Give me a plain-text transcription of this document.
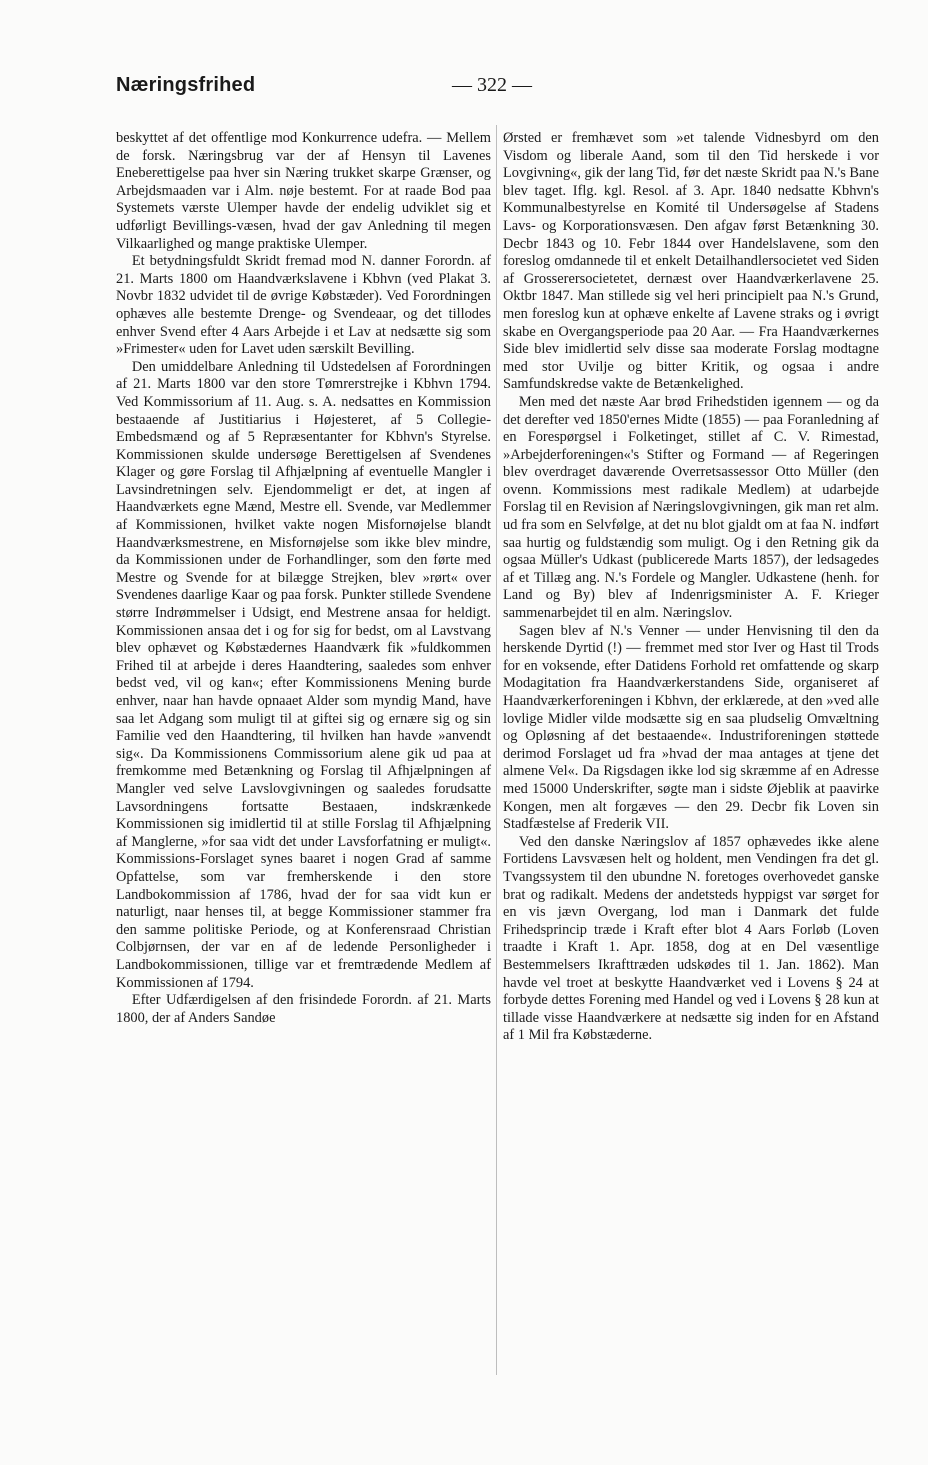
Næringsfrihed	— 322 —

beskyttet af det offentlige mod Konkurrence udefra. — Mellem de forsk. Næringsbrug var der af Hensyn til Lavenes Eneberettigelse paa hver sin Næring trukket skarpe Grænser, og Arbejdsmaaden var i Alm. nøje bestemt. For at raade Bod paa Systemets værste Ulemper havde der endelig udviklet sig et udførligt Bevillings-væsen, hvad der gav Anledning til megen Vilkaarlighed og mange praktiske Ulemper.

Et betydningsfuldt Skridt fremad mod N. danner Forordn. af 21. Marts 1800 om Haandværkslavene i Kbhvn (ved Plakat 3. Novbr 1832 udvidet til de øvrige Købstæder). Ved Forordningen ophæves alle bestemte Drenge- og Svendeaar, og det tillodes enhver Svend efter 4 Aars Arbejde i et Lav at nedsætte sig som »Frimester« uden for Lavet uden særskilt Bevilling.

Den umiddelbare Anledning til Udstedelsen af Forordningen af 21. Marts 1800 var den store Tømrerstrejke i Kbhvn 1794. Ved Kommissorium af 11. Aug. s. A. nedsattes en Kommission bestaaende af Justitiarius i Højesteret, af 5 Collegie-Embedsmænd og af 5 Repræsentanter for Kbhvn's Styrelse. Kommissionen skulde undersøge Berettigelsen af Svendenes Klager og gøre Forslag til Afhjælpning af eventuelle Mangler i Lavsindretningen selv. Ejendommeligt er det, at ingen af Haandværkets egne Mænd, Mestre ell. Svende, var Medlemmer af Kommissionen, hvilket vakte nogen Misfornøjelse blandt Haandværksmestrene, en Misfornøjelse som ikke blev mindre, da Kommissionen under de Forhandlinger, som den førte med Mestre og Svende for at bilægge Strejken, blev »rørt« over Svendenes daarlige Kaar og paa forsk. Punkter stillede Svendene større Indrømmelser i Udsigt, end Mestrene ansaa for heldigt. Kommissionen ansaa det i og for sig for bedst, om al Lavstvang blev ophævet og Købstædernes Haandværk fik »fuldkommen Frihed til at arbejde i deres Haandtering, saaledes som enhver bedst ved, vil og kan«; efter Kommissionens Mening burde enhver, naar han havde opnaaet Alder som myndig Mand, have saa let Adgang som muligt til at giftei sig og ernære sig og sin Familie ved den Haandtering, til hvilken han havde »anvendt sig«. Da Kommissionens Commissorium alene gik ud paa at fremkomme med Betænkning og Forslag til Afhjælpningen af Mangler ved selve Lavslovgivningen og saaledes forudsatte Lavsordningens fortsatte Bestaaen, indskrænkede Kommissionen sig imidlertid til at stille Forslag til Afhjælpning af Manglerne, »for saa vidt det under Lavsforfatning er muligt«. Kommissions-Forslaget synes baaret i nogen Grad af samme Opfattelse, som var fremherskende i den store Landbokommission af 1786, hvad der for saa vidt kun er naturligt, naar henses til, at begge Kommissioner stammer fra den samme politiske Periode, og at Konferensraad Christian Colbjørnsen, der var en af de ledende Personligheder i Landbokommissionen, tillige var et fremtrædende Medlem af Kommissionen af 1794.

Efter Udfærdigelsen af den frisindede Forordn. af 21. Marts 1800, der af Anders Sandøe

Ørsted er fremhævet som »et talende Vidnesbyrd om den Visdom og liberale Aand, som til den Tid herskede i vor Lovgivning«, gik der lang Tid, før det næste Skridt paa N.'s Bane blev taget. Iflg. kgl. Resol. af 3. Apr. 1840 nedsatte Kbhvn's Kommunalbestyrelse en Komité til Undersøgelse af Stadens Lavs- og Korporationsvæsen. Den afgav først Betænkning 30. Decbr 1843 og 10. Febr 1844 over Handelslavene, som den foreslog omdannede til et enkelt Detailhandlersocietet ved Siden af Grosserersocietetet, dernæst over Haandværkerlavene 25. Oktbr 1847. Man stillede sig vel heri principielt paa N.'s Grund, men foreslog kun at ophæve enkelte af Lavene straks og i øvrigt skabe en Overgangsperiode paa 20 Aar. — Fra Haandværkernes Side blev imidlertid selv disse saa moderate Forslag modtagne med stor Uvilje og bitter Kritik, og ogsaa i andre Samfundskredse vakte de Betænkelighed.

Men med det næste Aar brød Frihedstiden igennem — og da det derefter ved 1850'ernes Midte (1855) — paa Foranledning af en Forespørgsel i Folketinget, stillet af C. V. Rimestad, »Arbejderforeningen«'s Stifter og Formand — af Regeringen blev overdraget daværende Overretsassessor Otto Müller (den ovenn. Kommissions mest radikale Medlem) at udarbejde Forslag til en Revision af Næringslovgivningen, gik man ret alm. ud fra som en Selvfølge, at det nu blot gjaldt om at faa N. indført saa hurtig og fuldstændig som muligt. Og i den Retning gik da ogsaa Müller's Udkast (publicerede Marts 1857), der ledsagedes af et Tillæg ang. N.'s Fordele og Mangler. Udkastene (henh. for Land og By) blev af Indenrigsminister A. F. Krieger sammenarbejdet til en alm. Næringslov.

Sagen blev af N.'s Venner — under Henvisning til den da herskende Dyrtid (!) — fremmet med stor Iver og Hast til Trods for en voksende, efter Datidens Forhold ret omfattende og skarp Modagitation fra Haandværkerstandens Side, organiseret af Haandværkerforeningen i Kbhvn, der erklærede, at den »ved alle lovlige Midler vilde modsætte sig en saa pludselig Omvæltning og Opløsning af det bestaaende«. Industriforeningen støttede derimod Forslaget ud fra »hvad der maa antages at tjene det almene Vel«. Da Rigsdagen ikke lod sig skræmme af en Adresse med 15000 Underskrifter, søgte man i sidste Øjeblik at paavirke Kongen, men alt forgæves — den 29. Decbr fik Loven sin Stadfæstelse af Frederik VII.

Ved den danske Næringslov af 1857 ophævedes ikke alene Fortidens Lavsvæsen helt og holdent, men Vendingen fra det gl. Tvangssystem til den ubundne N. foretoges overhovedet ganske brat og radikalt. Medens der andetsteds hyppigst var sørget for en vis jævn Overgang, lod man i Danmark det fulde Frihedsprincip træde i Kraft efter blot 4 Aars Forløb (Loven traadte i Kraft 1. Apr. 1858, dog at en Del væsentlige Bestemmelsers Ikrafttræden udskødes til 1. Jan. 1862). Man havde vel troet at beskytte Haandværket ved i Lovens § 24 at forbyde dettes Forening med Handel og ved i Lovens § 28 kun at tillade visse Haandværkere at nedsætte sig inden for en Afstand af 1 Mil fra Købstæderne.
